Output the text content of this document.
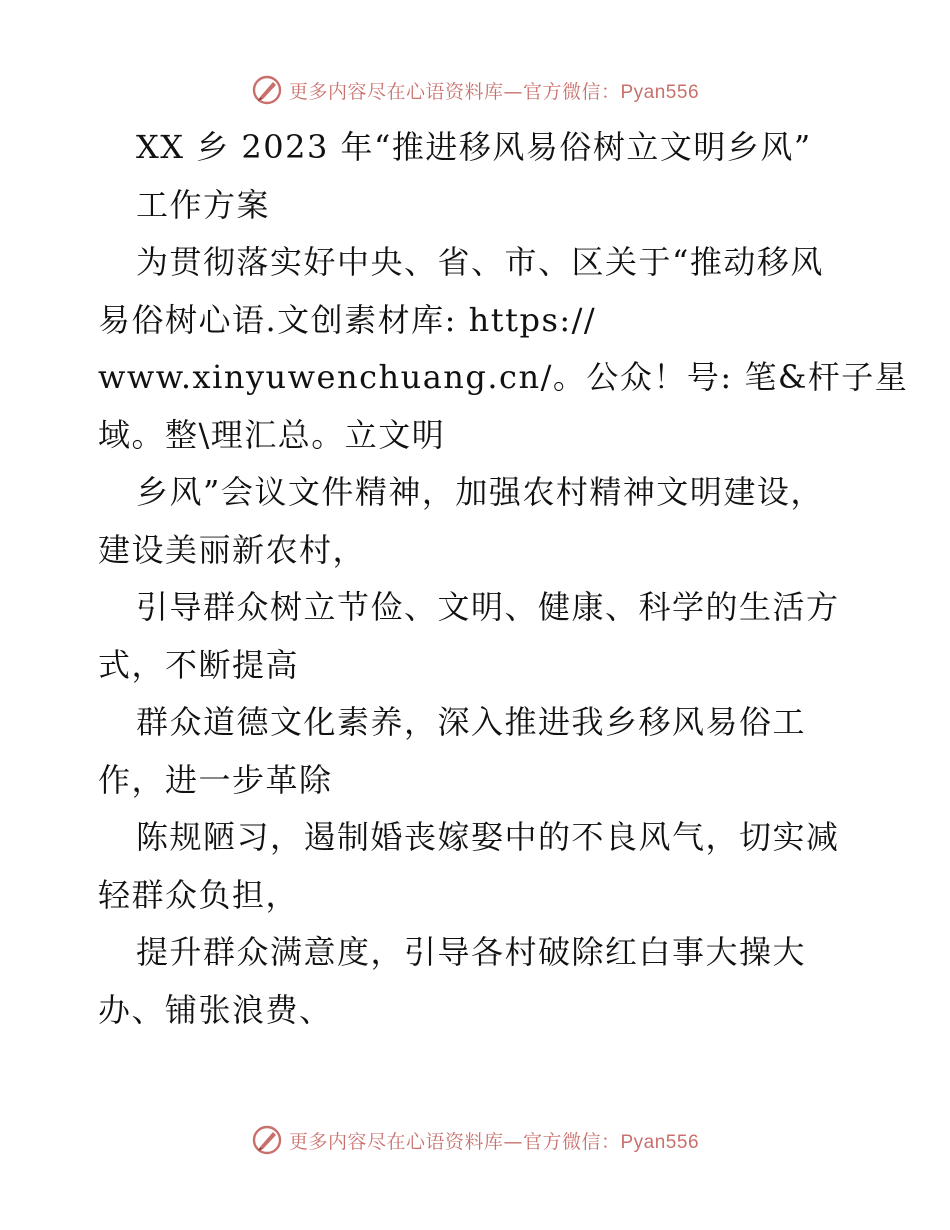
更多内容尽在心语资料库—官方微信：Pyan556
XX 乡 2023 年“推进移风易俗树立文明乡风”
工作方案
为贯彻落实好中央、省、市、区关于“推动移风
易俗树心语.文创素材库: https://
www.xinyuwenchuang.cn/。公众！号: 笔&杆子星
域。整\理汇总。立文明
乡风”会议文件精神，加强农村精神文明建设，
建设美丽新农村，
引导群众树立节俭、文明、健康、科学的生活方
式，不断提高
群众道德文化素养，深入推进我乡移风易俗工
作，进一步革除
陈规陋习，遏制婚丧嫁娶中的不良风气，切实减
轻群众负担，
提升群众满意度，引导各村破除红白事大操大
办、铺张浪费、
更多内容尽在心语资料库—官方微信：Pyan556
